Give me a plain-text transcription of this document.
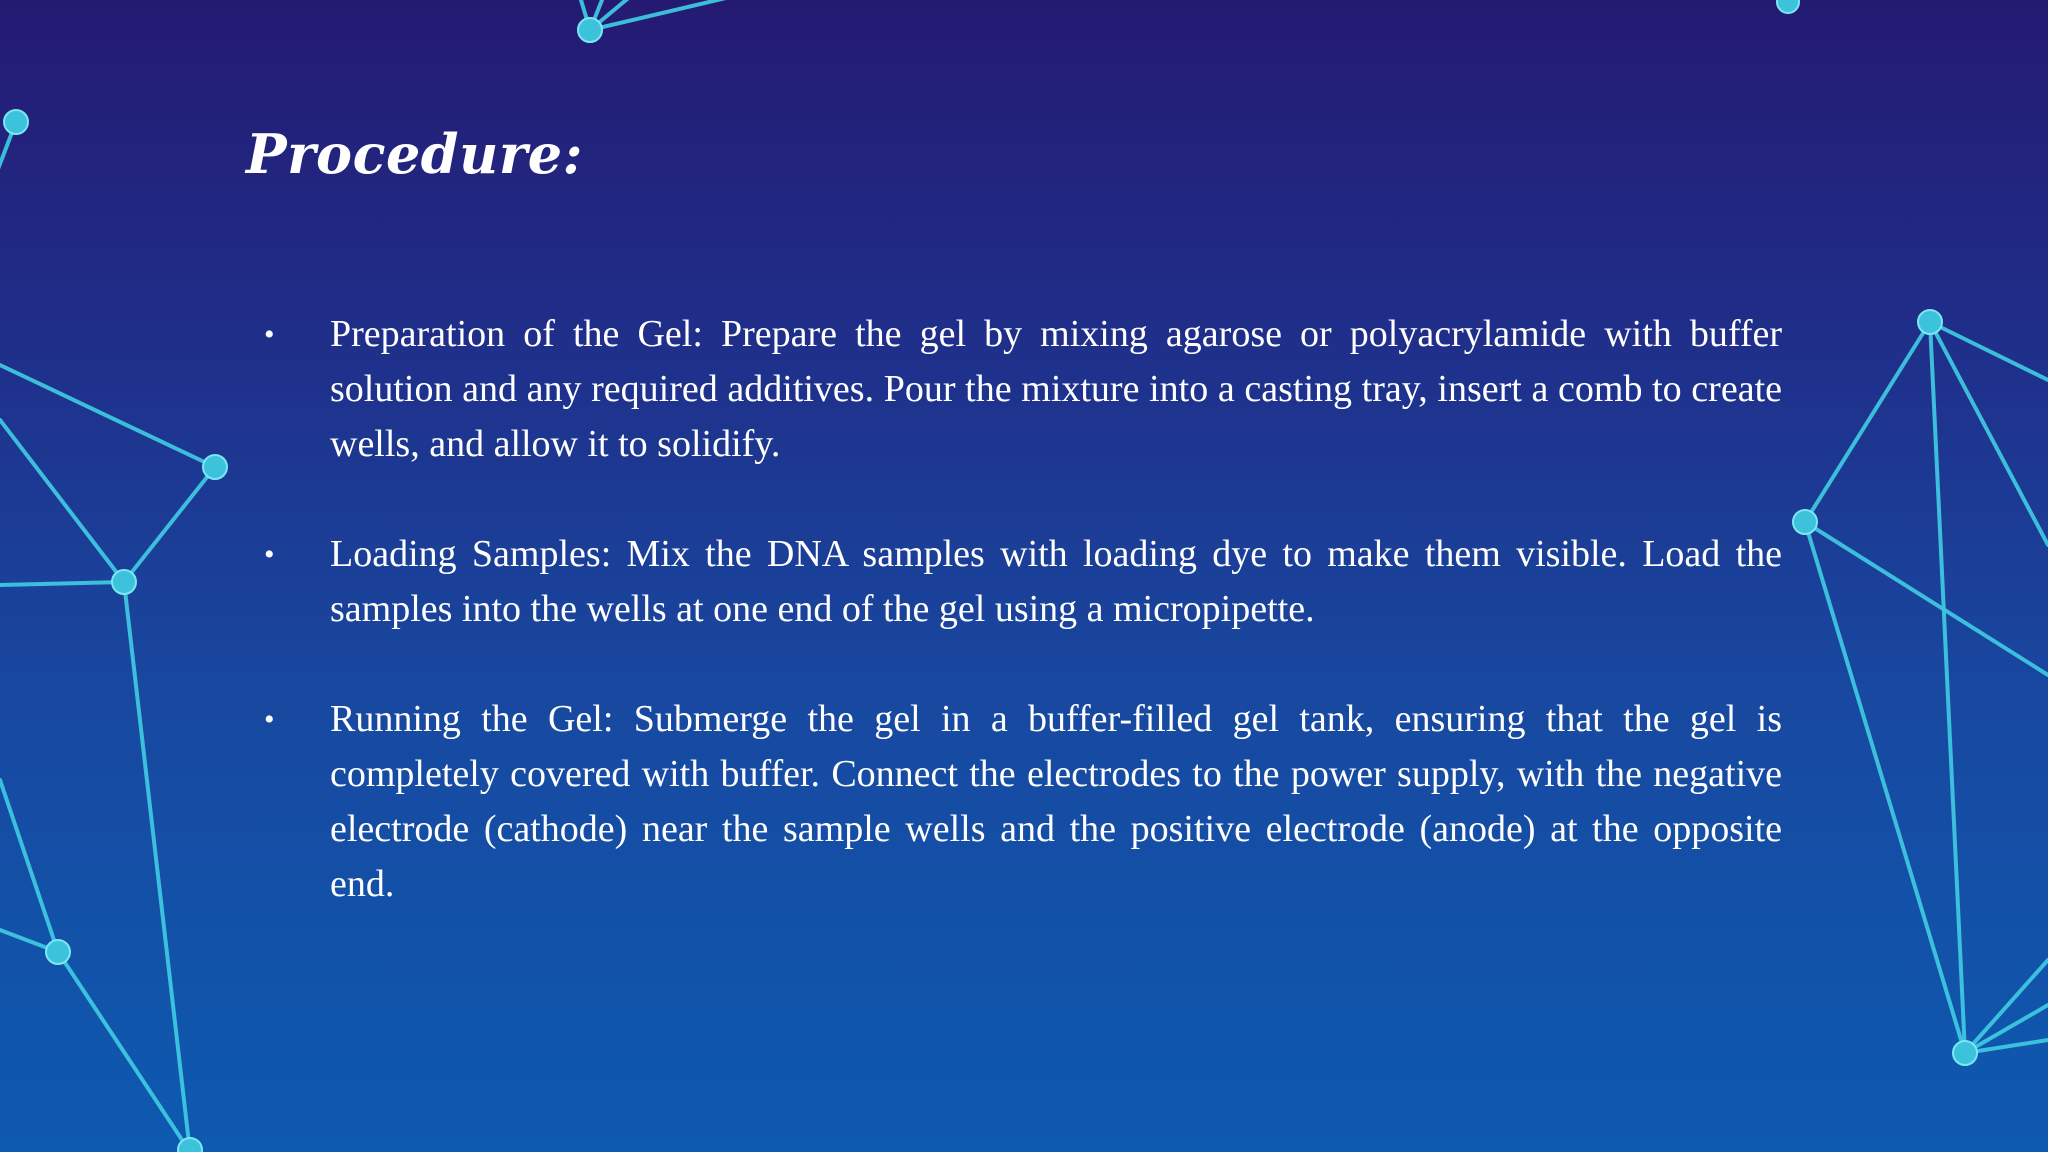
Procedure:
• Preparation of the Gel: Prepare the gel by mixing agarose or polyacrylamide with buffer solution and any required additives. Pour the mixture into a casting tray, insert a comb to create wells, and allow it to solidify.
• Loading Samples: Mix the DNA samples with loading dye to make them visible. Load the samples into the wells at one end of the gel using a micropipette.
• Running the Gel: Submerge the gel in a buffer-filled gel tank, ensuring that the gel is completely covered with buffer. Connect the electrodes to the power supply, with the negative electrode (cathode) near the sample wells and the positive electrode (anode) at the opposite end.
